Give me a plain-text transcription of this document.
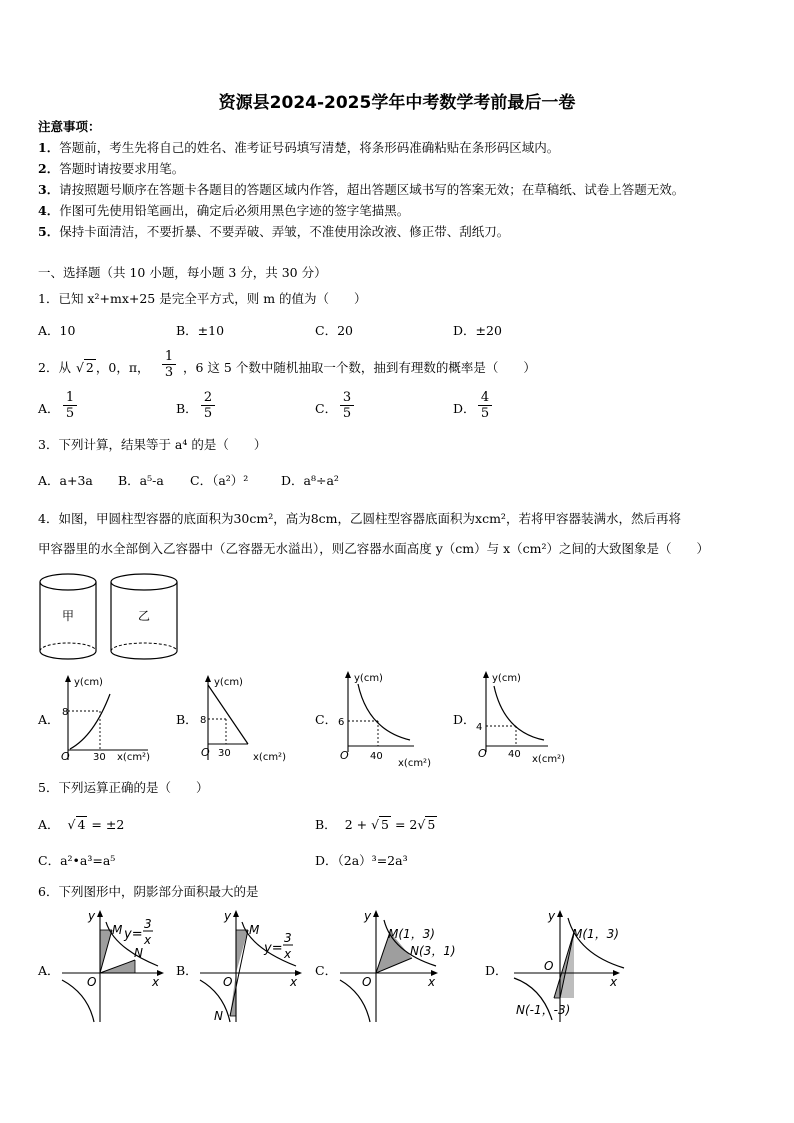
资源县2024-2025学年中考数学考前最后一卷
注意事项：
1．答题前，考生先将自己的姓名、准考证号码填写清楚，将条形码准确粘贴在条形码区域内。
2．答题时请按要求用笔。
3．请按照题号顺序在答题卡各题目的答题区域内作答，超出答题区域书写的答案无效；在草稿纸、试卷上答题无效。
4．作图可先使用铅笔画出，确定后必须用黑色字迹的签字笔描黑。
5．保持卡面清洁，不要折暴、不要弄破、弄皱，不准使用涂改液、修正带、刮纸刀。
一、选择题（共 10 小题，每小题 3 分，共 30 分）
1．已知 x²+mx+25 是完全平方式，则 m 的值为（　　）
A．10	B．±10	C．20	D．±20
2．从 √ 2 ，0，π， $\frac{1}{3}$ ，6 这 5 个数中随机抽取一个数，抽到有理数的概率是（　　）
A． $\frac{1}{5}$	B． $\frac{2}{5}$	C． $\frac{3}{5}$	D． $\frac{4}{5}$
3．下列计算，结果等于 a⁴ 的是（　　）
A．a+3a B．a⁵-a C．（a²）²	D．a⁸÷a²
4．如图，甲圆柱型容器的底面积为30cm²，高为8cm，乙圆柱型容器底面积为xcm²，若将甲容器装满水，然后再将
甲容器里的水全部倒入乙容器中（乙容器无水溢出），则乙容器水面高度 y（cm）与 x（cm²）之间的大致图象是（　　）
甲	乙
A．
y(cm)
8
O 30 x(cm²)
B．
y(cm)
8
O 30 x(cm²)
C．
y(cm)
6
O 40
x(cm²)
D．
y(cm)
4
O 40 x(cm²)
5．下列运算正确的是（　　）
A． √ 4 = ±2	B． 2 + √ 5 = 2√ 5
C．a²•a³=a⁵	D．（2a）³=2a³
6．下列图形中，阴影部分面积最大的是
A．
y
x
O
M
N
y=
3
x
B．
y
x
O
M
N
y=
3
x
C．
y
x
O
M(1，3)
N(3，1)
D．
y
x
O
M(1，3)
N(-1，-3)
